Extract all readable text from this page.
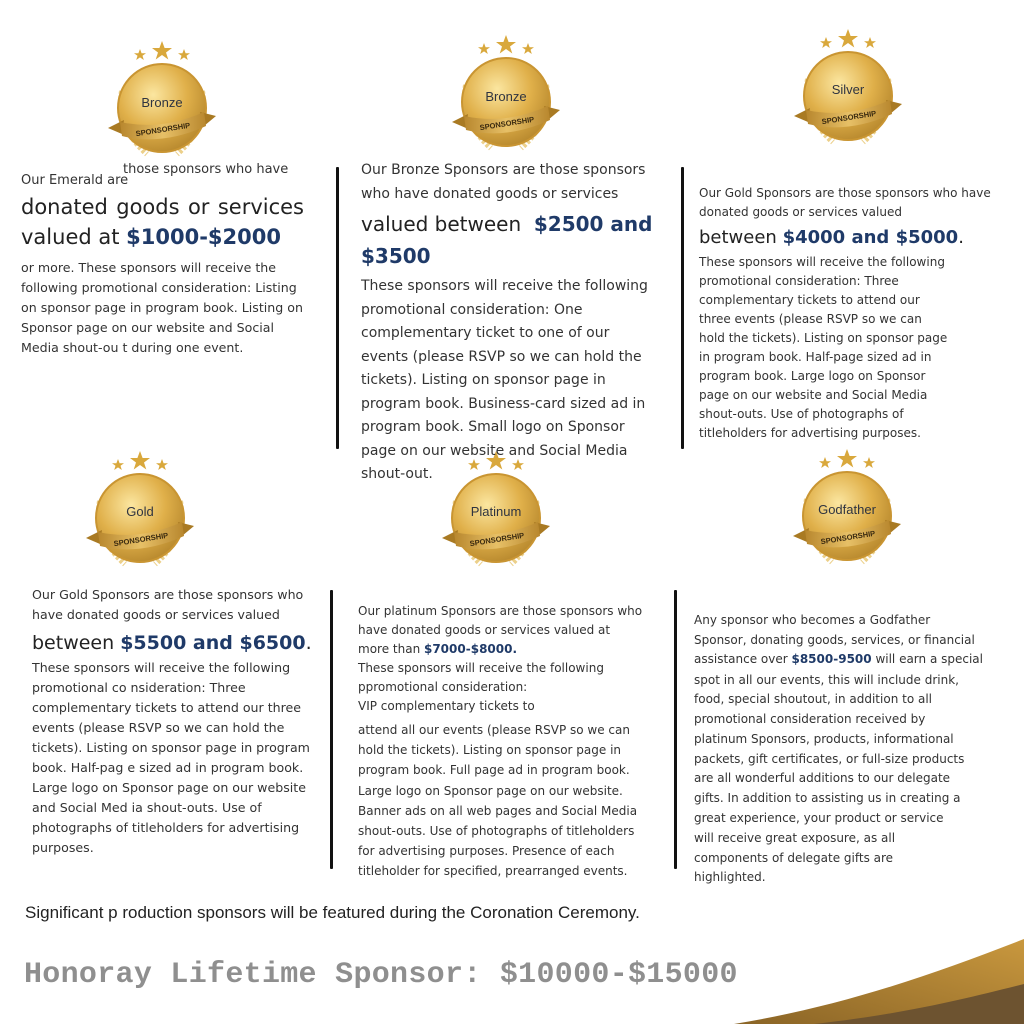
SPONSORSHIP
Bronze
SPONSORSHIP
Bronze
SPONSORSHIP
Silver
SPONSORSHIP
Gold
SPONSORSHIP
Platinum
SPONSORSHIP
Godfather
those sponsors who have
Our Emerald are
donated goods or services
valued at $1000-$2000
or more. These sponsors will receive the following promotional consideration: Listing on sponsor page in program book. Listing on Sponsor page on our website and Social Media shout-ou t during one event.
Our Bronze Sponsors are those sponsors who have donated goods or services
valued between  $2500 and
$3500
These sponsors will receive the following promotional consideration: One complementary ticket to one of our events (please RSVP so we can hold the tickets). Listing on sponsor page in program book. Business-card sized ad in program book. Small logo on Sponsor page on our website and Social Media shout-out.
Our Gold Sponsors are those sponsors who have donated goods or services valued
between $4000 and $5000.
These sponsors will receive the following promotional consideration: Three complementary tickets to attend our three events (please RSVP so we can hold the tickets). Listing on sponsor page in program book. Half-page sized ad in program book. Large logo on Sponsor page on our website and Social Media shout-outs. Use of photographs of titleholders for advertising purposes.
Our Gold Sponsors are those sponsors who have donated goods or services valued
between $5500 and $6500.
These sponsors will receive the following promotional co nsideration: Three complementary tickets to attend our three events (please RSVP so we can hold the tickets). Listing on sponsor page in program book. Half-pag e sized ad in program book. Large logo on Sponsor page on our website and Social Med ia shout-outs. Use of photographs of titleholders for advertising purposes.
Our platinum Sponsors are those sponsors who have donated goods or services valued at
more than $7000-$8000.
These sponsors will receive the following
ppromotional consideration:
VIP complementary tickets to
attend all our events (please RSVP so we can hold the tickets). Listing on sponsor page in program book. Full page ad in program book. Large logo on Sponsor page on our website. Banner ads on all web pages and Social Media shout-outs. Use of photographs of titleholders for advertising purposes. Presence of each titleholder for specified, prearranged events.
Any sponsor who becomes a Godfather Sponsor, donating goods, services, or financial
assistance over $8500-9500 will earn a special
spot in all our events, this will include drink, food, special shoutout, in addition to all promotional consideration received by platinum Sponsors, products, informational packets, gift certificates, or full-size products are all wonderful additions to our delegate gifts. In addition to assisting us in creating a great experience, your product or service will receive great exposure, as all components of delegate gifts are highlighted.
Significant p roduction sponsors will be featured during the Coronation Ceremony.
Honoray Lifetime Sponsor: $10000-$15000
